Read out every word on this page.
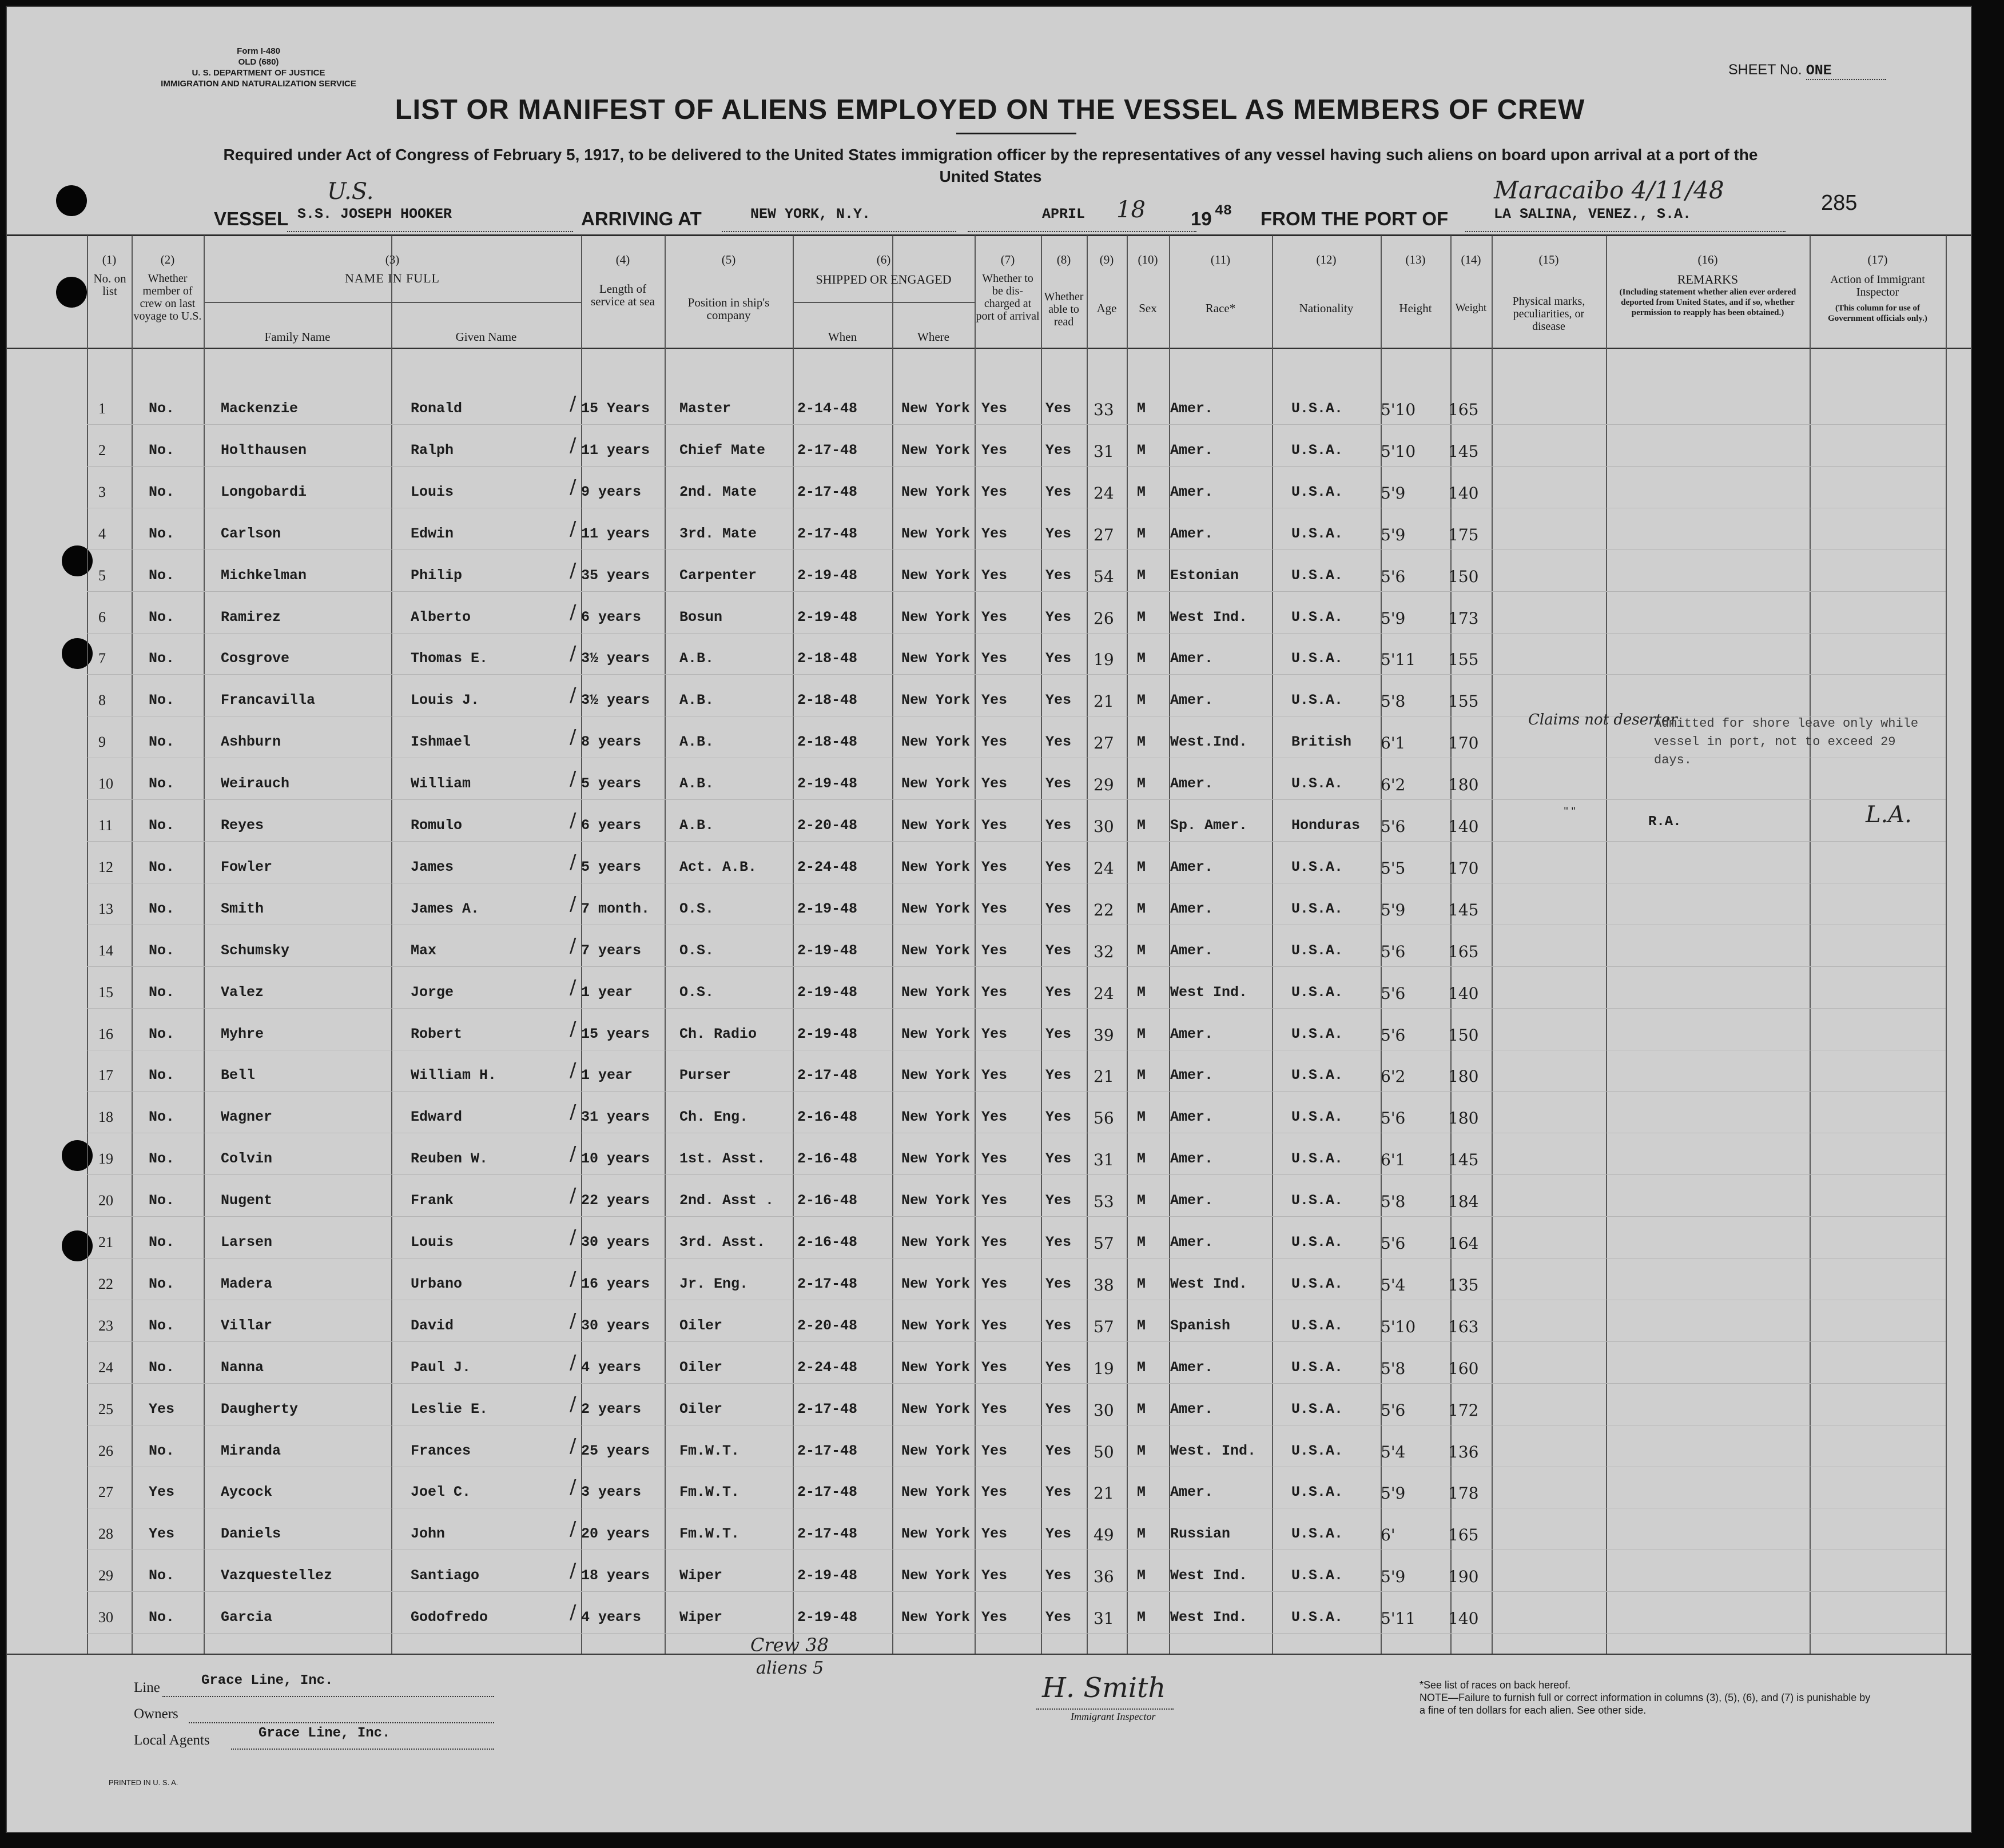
Form I-480
OLD (680)
U. S. DEPARTMENT OF JUSTICE
IMMIGRATION AND NATURALIZATION SERVICE
SHEET No. ONE
LIST OR MANIFEST OF ALIENS EMPLOYED ON THE VESSEL AS MEMBERS OF CREW
Required under Act of Congress of February 5, 1917, to be delivered to the United States immigration officer by the representatives of any vessel having such aliens on board upon arrival at a port of the United States
VESSEL
U.S.
S.S. JOSEPH HOOKER	ARRIVING AT	NEW YORK, N.Y.	APRIL 18 19 48 FROM THE PORT OF
Maracaibo 4/11/48
LA SALINA, VENEZ., S.A.	285
(1)
No. on list
(2)
Whether member of crew on last voyage to U.S.
(3)
NAME IN FULL
Family Name	Given Name
(4)
Length of service at sea
(5)
Position in ship's company
(6)
SHIPPED OR ENGAGED
When	Where
(7)
Whether to be dis-charged at port of arrival
(8)
Whether able to read
(9)
Age
(10)
Sex
(11)
Race*
(12)
Nationality
(13)
Height
(14)
Weight
(15)
Physical marks, peculiarities, or disease
(16)
REMARKS
(Including statement whether alien ever ordered deported from United States, and if so, whether permission to reapply has been obtained.)
(17)
Action of Immigrant Inspector
(This column for use of Government officials only.)
1	No.	Mackenzie	Ronald	15 Years Master	2-14-48	New York Yes	Yes 33 M Amer.	U.S.A. 5'10 165
/
2	No.	Holthausen	Ralph	11 years Chief Mate 2-17-48	New York Yes	Yes 31 M Amer.	U.S.A. 5'10 145
/
3	No.	Longobardi	Louis	9 years	2nd. Mate	2-17-48	New York Yes	Yes 24 M Amer.	U.S.A. 5'9	140
/
4	No.	Carlson	Edwin	11 years 3rd. Mate	2-17-48	New York Yes	Yes 27 M Amer.	U.S.A. 5'9	175
/
5	No.	Michkelman	Philip	35 years Carpenter	2-19-48	New York Yes	Yes 54 M Estonian	U.S.A. 5'6	150
/
6	No.	Ramirez	Alberto	6 years	Bosun	2-19-48	New York Yes	Yes 26 M West Ind.	U.S.A. 5'9	173
/
7	No.	Cosgrove	Thomas E.	3½ years A.B.	2-18-48	New York Yes	Yes 19 M Amer.	U.S.A. 5'11 155
/
8	No.	Francavilla	Louis J.	3½ years A.B.	2-18-48	New York Yes	Yes 21 M Amer.	U.S.A. 5'8	155
/
9	No.	Ashburn	Ishmael	8 years	A.B.	2-18-48	New York Yes	Yes 27 M West.Ind.	British 6'1	170
/
10 No.	Weirauch	William	5 years	A.B.	2-19-48	New York Yes	Yes 29 M Amer.	U.S.A. 6'2	180
/
11	No.	Reyes	Romulo	6 years	A.B.	2-20-48	New York Yes	Yes 30 M Sp. Amer.	Honduras 5'6	140
/
12 No.	Fowler	James	5 years	Act. A.B.	2-24-48	New York Yes	Yes 24 M Amer.	U.S.A. 5'5	170
/
13 No.	Smith	James A.	7 month. O.S.	2-19-48	New York Yes	Yes 22 M Amer.	U.S.A. 5'9	145
/
14 No.	Schumsky	Max	7 years	O.S.	2-19-48	New York Yes	Yes 32 M Amer.	U.S.A. 5'6	165
/
15 No.	Valez	Jorge	1 year	O.S.	2-19-48	New York Yes	Yes 24 M West Ind.	U.S.A. 5'6	140
/
16 No.	Myhre	Robert	15 years Ch. Radio	2-19-48	New York Yes	Yes 39 M Amer.	U.S.A. 5'6	150
/
17 No.	Bell	William H.	1 year	Purser	2-17-48	New York Yes	Yes 21 M Amer.	U.S.A. 6'2	180
/
18 No.	Wagner	Edward	31 years Ch. Eng.	2-16-48	New York Yes	Yes 56 M Amer.	U.S.A. 5'6	180
/
19 No.	Colvin	Reuben W.	10 years 1st. Asst. 2-16-48	New York Yes	Yes 31 M Amer.	U.S.A. 6'1	145
/
20 No.	Nugent	Frank	22 years 2nd. Asst . 2-16-48	New York Yes	Yes 53 M Amer.	U.S.A. 5'8	184
/
21 No.	Larsen	Louis	30 years 3rd. Asst. 2-16-48	New York Yes	Yes 57 M Amer.	U.S.A. 5'6	164
/
22 No.	Madera	Urbano	16 years Jr. Eng.	2-17-48	New York Yes	Yes 38 M West Ind.	U.S.A. 5'4	135
/
23 No.	Villar	David	30 years Oiler	2-20-48	New York Yes	Yes 57 M Spanish	U.S.A. 5'10 163
/
24 No.	Nanna	Paul J.	4 years	Oiler	2-24-48	New York Yes	Yes 19 M Amer.	U.S.A. 5'8	160
/
25 Yes	Daugherty	Leslie E.	2 years	Oiler	2-17-48	New York Yes	Yes 30 M Amer.	U.S.A. 5'6	172
/
26 No.	Miranda	Frances	25 years Fm.W.T.	2-17-48	New York Yes	Yes 50 M West. Ind. U.S.A. 5'4	136
/
27 Yes	Aycock	Joel C.	3 years	Fm.W.T.	2-17-48	New York Yes	Yes 21 M Amer.	U.S.A. 5'9	178
/
28 Yes	Daniels	John	20 years Fm.W.T.	2-17-48	New York Yes	Yes 49 M Russian	U.S.A. 6'	165
/
29 No.	Vazquestellez	Santiago	18 years Wiper	2-19-48	New York Yes	Yes 36 M West Ind.	U.S.A. 5'9	190
/
30 No.	Garcia	Godofredo	4 years	Wiper	2-19-48	New York Yes	Yes 31 M West Ind.	U.S.A. 5'11 140
/
Claims not deserter
Admitted for shore leave only while vessel in port, not to exceed 29 days.
" "
R.A.	L.A.
Line	Grace Line, Inc.
Owners
Local Agents	Grace Line, Inc.
Crew 38
aliens 5
H. Smith
Immigrant Inspector
*See list of races on back hereof.
NOTE—Failure to furnish full or correct information in columns (3), (5), (6), and (7) is punishable by a fine of ten dollars for each alien. See other side.
PRINTED IN U. S. A.
